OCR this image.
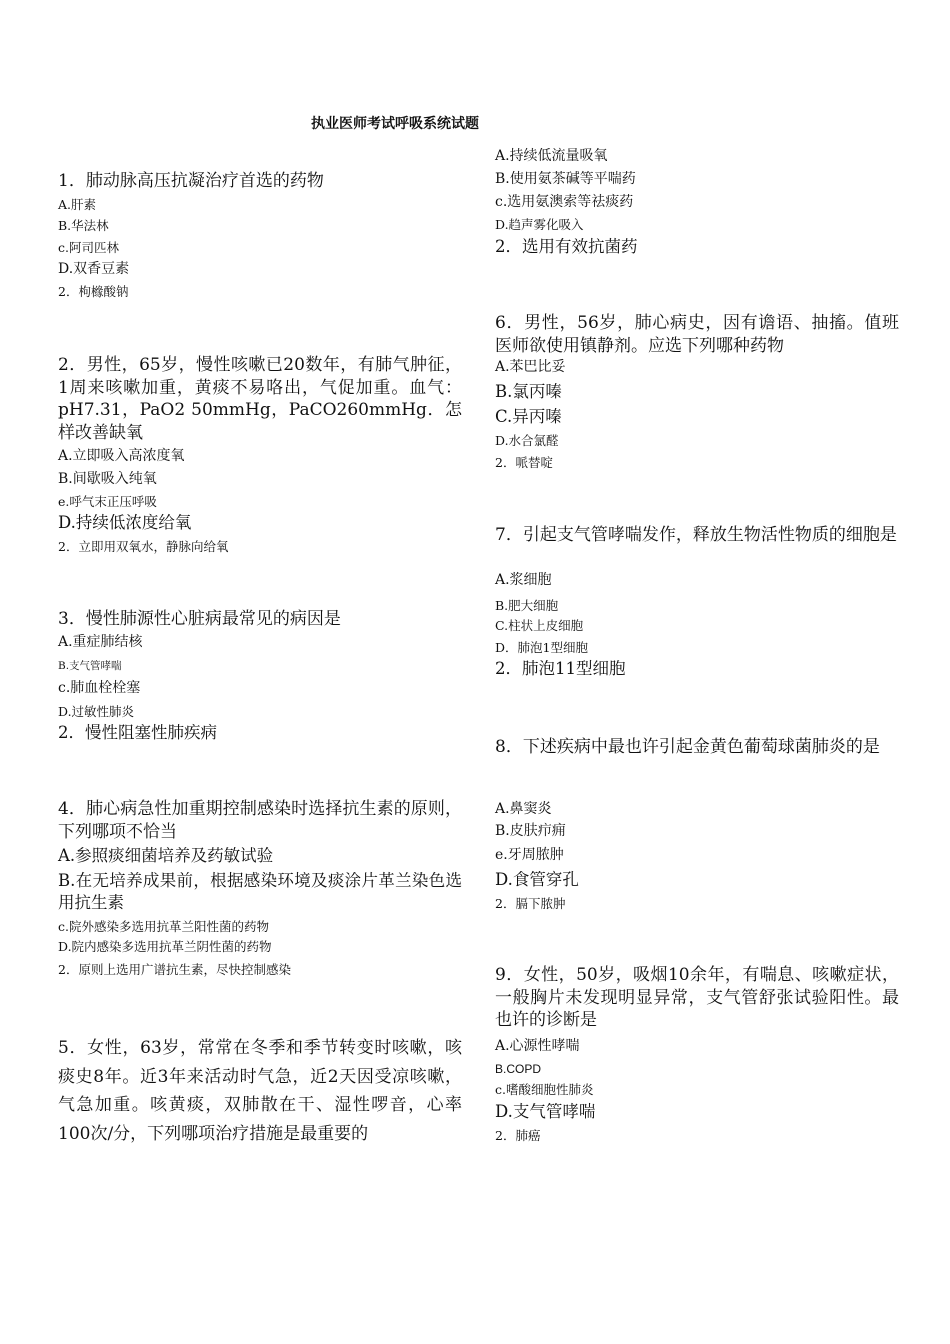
执业医师考试呼吸系统试题
1．肺动脉高压抗凝治疗首选的药物
A.肝素
B.华法林
c.阿司匹林
D.双香豆素
2．枸橼酸钠
2．男性，65岁，慢性咳嗽已20数年，有肺气肿征，1周来咳嗽加重，黄痰不易咯出，气促加重。血气：pH7.31，PaO2 50mmHg，PaCO260mmHg．怎样改善缺氧
A.立即吸入高浓度氧
B.间歇吸入纯氧
e.呼气末正压呼吸
D.持续低浓度给氧
2．立即用双氧水，静脉向给氧
3．慢性肺源性心脏病最常见的病因是
A.重症肺结核
B.支气管哮喘
c.肺血栓栓塞
D.过敏性肺炎
2．慢性阻塞性肺疾病
4．肺心病急性加重期控制感染时选择抗生素的原则，下列哪项不恰当
A.参照痰细菌培养及药敏试验
B.在无培养成果前，根据感染环境及痰涂片革兰染色选用抗生素
c.院外感染多选用抗革兰阳性菌的药物
D.院内感染多选用抗革兰阴性菌的药物
2．原则上选用广谱抗生素，尽快控制感染
5．女性，63岁，常常在冬季和季节转变时咳嗽，咳痰史8年。近3年来活动时气急，近2天因受凉咳嗽，气急加重。咳黄痰，双肺散在干、湿性啰音，心率100次/分，下列哪项治疗措施是最重要的
A.持续低流量吸氧
B.使用氨茶碱等平喘药
c.选用氨澳索等祛痰药
D.趋声雾化吸入
2．选用有效抗菌药
6．男性，56岁，肺心病史，因有谵语、抽搐。值班医师欲使用镇静剂。应选下列哪种药物
A.苯巴比妥
B.氯丙嗪
C.异丙嗪
D.水合氯醛
2．哌替啶
7．引起支气管哮喘发作，释放生物活性物质的细胞是
A.浆细胞
B.肥大细胞
C.柱状上皮细胞
D．肺泡1型细胞
2．肺泡11型细胞
8．下述疾病中最也许引起金黄色葡萄球菌肺炎的是
A.鼻窦炎
B.皮肤疖痈
e.牙周脓肿
D.食管穿孔
2．膈下脓肿
9．女性，50岁，吸烟10余年，有喘息、咳嗽症状，一般胸片未发现明显异常，支气管舒张试验阳性。最也许的诊断是
A.心源性哮喘
B.COPD
c.嗜酸细胞性肺炎
D.支气管哮喘
2．肺癌
